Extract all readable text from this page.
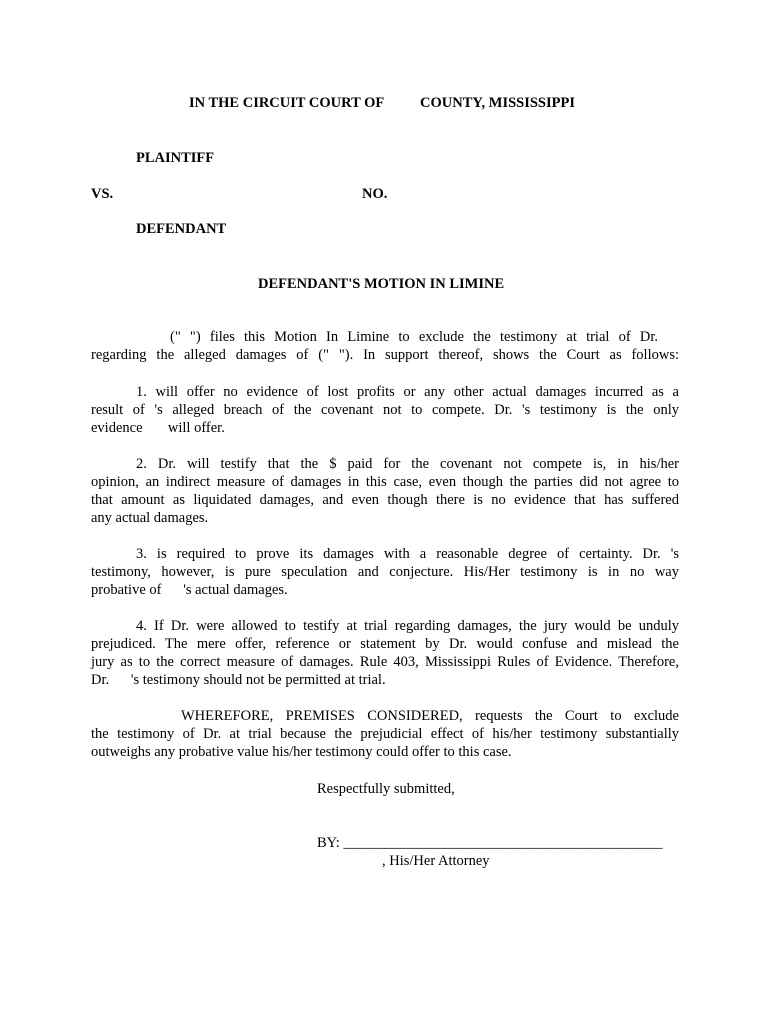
IN THE CIRCUIT COURT OF COUNTY, MISSISSIPPI
PLAINTIFF
VS.	NO.
DEFENDANT
DEFENDANT'S MOTION IN LIMINE
(" ") files this Motion In Limine to exclude the testimony at trial of Dr.
regarding the alleged damages of (" "). In support thereof, shows the Court as follows:
1. will offer no evidence of lost profits or any other actual damages incurred as a
result of 's alleged breach of the covenant not to compete. Dr. 's testimony is the only
evidence       will offer.
2. Dr. will testify that the $ paid for the covenant not compete is, in his/her
opinion, an indirect measure of damages in this case, even though the parties did not agree to
that amount as liquidated damages, and even though there is no evidence that has suffered
any actual damages.
3. is required to prove its damages with a reasonable degree of certainty. Dr. 's
testimony, however, is pure speculation and conjecture. His/Her testimony is in no way
probative of      's actual damages.
4. If Dr. were allowed to testify at trial regarding damages, the jury would be unduly
prejudiced. The mere offer, reference or statement by Dr. would confuse and mislead the
jury as to the correct measure of damages. Rule 403, Mississippi Rules of Evidence. Therefore,
Dr.      's testimony should not be permitted at trial.
WHEREFORE, PREMISES CONSIDERED, requests the Court to exclude
the testimony of Dr. at trial because the prejudicial effect of his/her testimony substantially
outweighs any probative value his/her testimony could offer to this case.
Respectfully submitted,
BY: ____________________________________________
, His/Her Attorney
